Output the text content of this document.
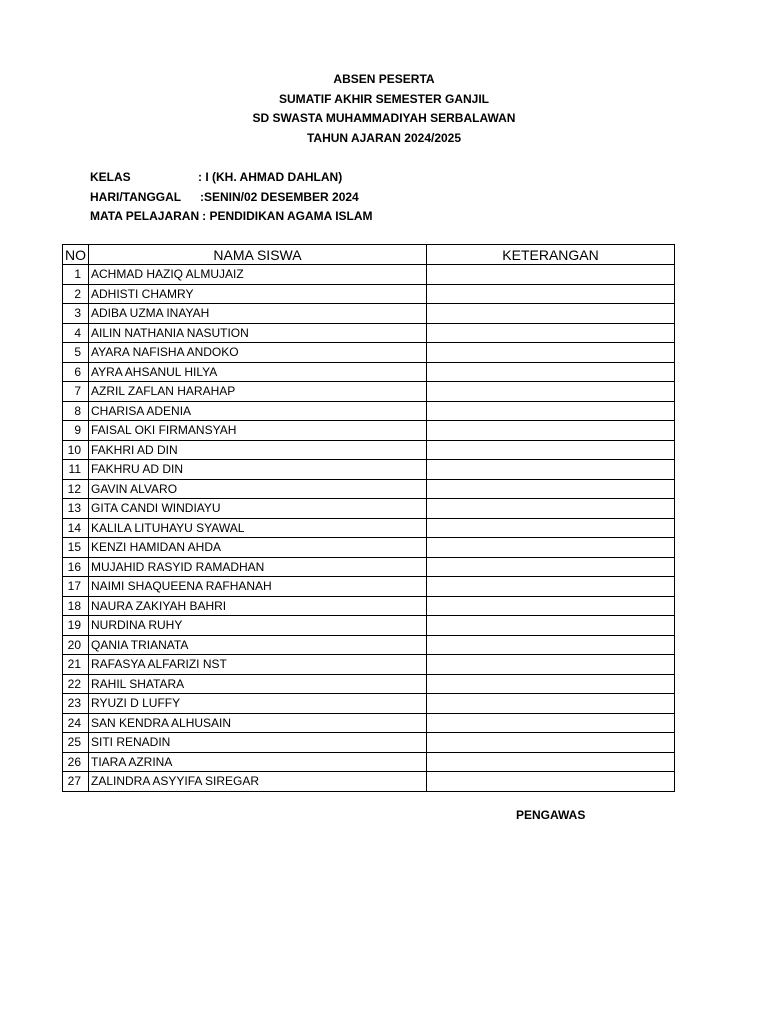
ABSEN PESERTA
SUMATIF AKHIR SEMESTER GANJIL
SD SWASTA MUHAMMADIYAH SERBALAWAN
TAHUN AJARAN 2024/2025
KELAS	: I (KH. AHMAD DAHLAN)
HARI/TANGGAL :SENIN/02 DESEMBER 2024
MATA PELAJARAN : PENDIDIKAN AGAMA ISLAM
NO	NAMA SISWA	KETERANGAN
1	ACHMAD HAZIQ ALMUJAIZ	
2	ADHISTI CHAMRY	
3	ADIBA UZMA INAYAH	
4	AILIN NATHANIA NASUTION	
5	AYARA NAFISHA ANDOKO	
6	AYRA AHSANUL HILYA	
7	AZRIL ZAFLAN HARAHAP	
8	CHARISA ADENIA	
9	FAISAL OKI FIRMANSYAH	
10	FAKHRI AD DIN	
11	FAKHRU AD DIN	
12	GAVIN ALVARO	
13	GITA CANDI WINDIAYU	
14	KALILA LITUHAYU SYAWAL	
15	KENZI HAMIDAN AHDA	
16	MUJAHID RASYID RAMADHAN	
17	NAIMI SHAQUEENA RAFHANAH	
18	NAURA ZAKIYAH BAHRI	
19	NURDINA RUHY	
20	QANIA TRIANATA	
21	RAFASYA ALFARIZI NST	
22	RAHIL SHATARA	
23	RYUZI D LUFFY	
24	SAN KENDRA ALHUSAIN	
25	SITI RENADIN	
26	TIARA AZRINA	
27	ZALINDRA ASYYIFA SIREGAR	
PENGAWAS
